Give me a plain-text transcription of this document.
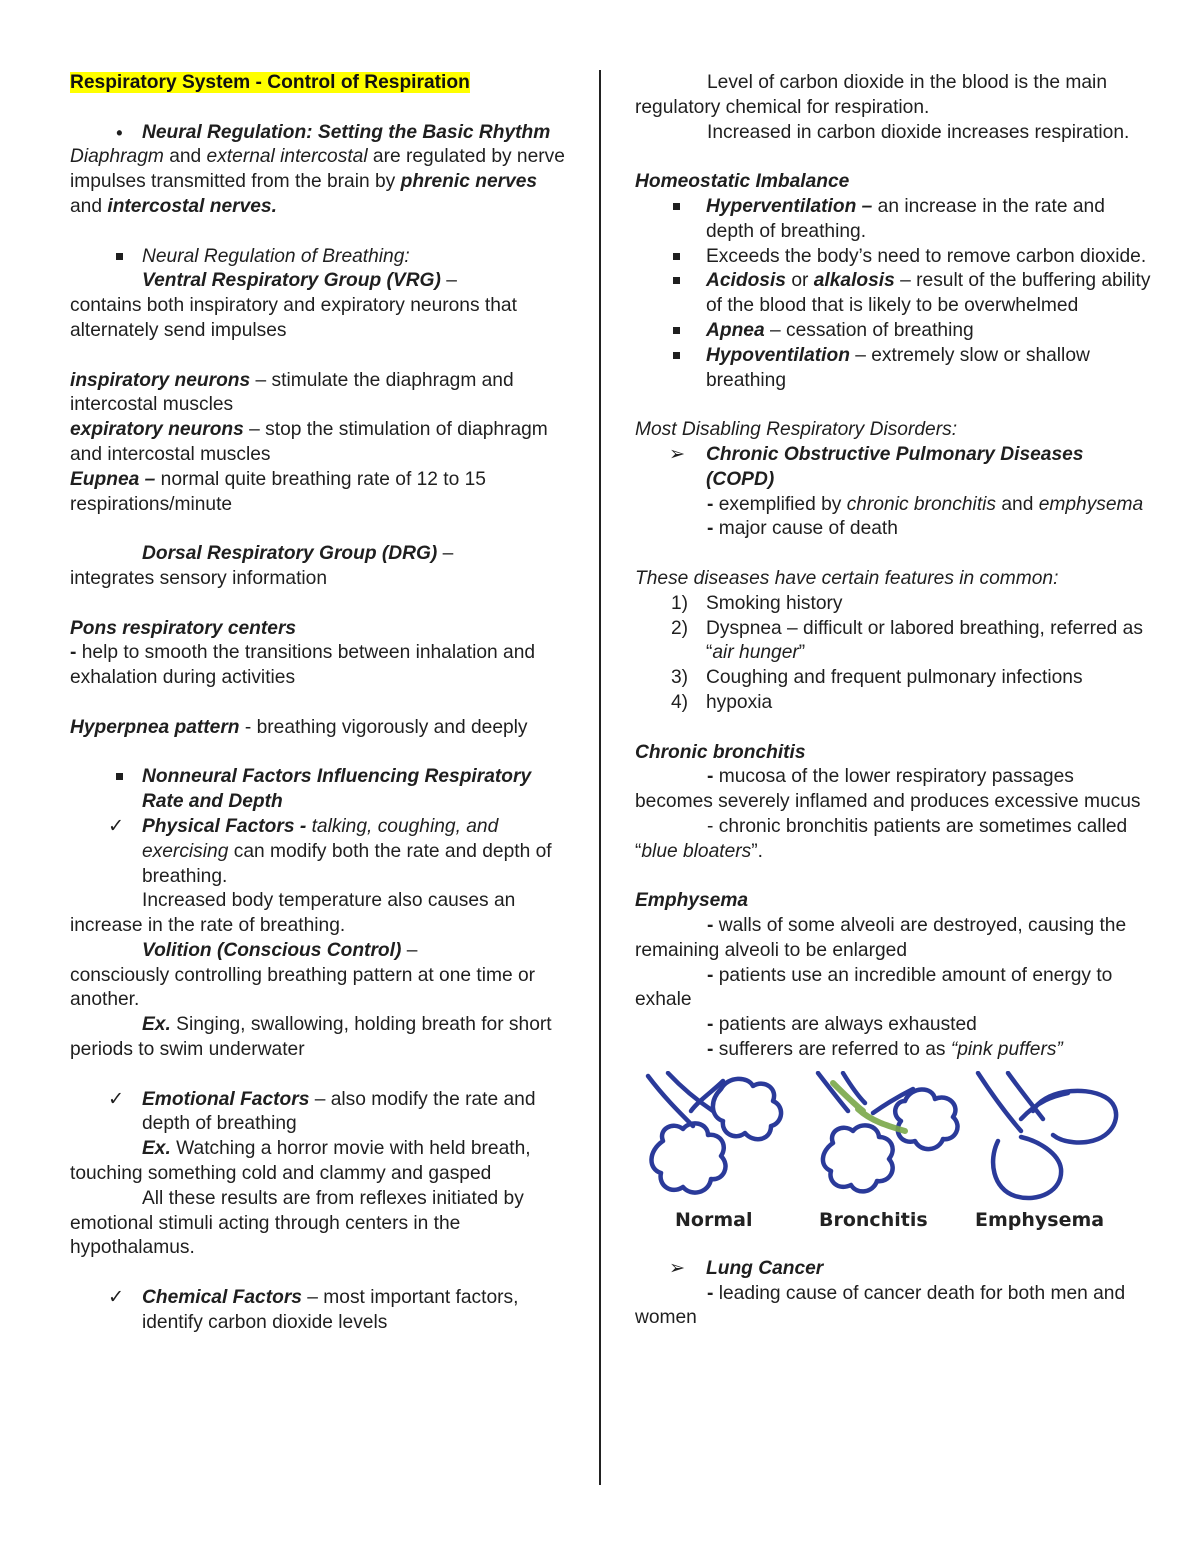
Respiratory System - Control of Respiration

• Neural Regulation: Setting the Basic Rhythm

Diaphragm and external intercostal are regulated by nerve impulses transmitted from the brain by phrenic nerves and intercostal nerves.

Neural Regulation of Breathing:

Ventral Respiratory Group (VRG) –

contains both inspiratory and expiratory neurons that alternately send impulses

inspiratory neurons – stimulate the diaphragm and intercostal muscles

expiratory neurons – stop the stimulation of diaphragm and intercostal muscles

Eupnea – normal quite breathing rate of 12 to 15 respirations/minute

Dorsal Respiratory Group (DRG) –

integrates sensory information

Pons respiratory centers

- help to smooth the transitions between inhalation and exhalation during activities

Hyperpnea pattern - breathing vigorously and deeply

Nonneural Factors Influencing Respiratory Rate and Depth

✓ Physical Factors - talking, coughing, and exercising can modify both the rate and depth of breathing.

Increased body temperature also causes an increase in the rate of breathing.

Volition (Conscious Control) –

consciously controlling breathing pattern at one time or another.

Ex. Singing, swallowing, holding breath for short periods to swim underwater

✓ Emotional Factors – also modify the rate and depth of breathing

Ex. Watching a horror movie with held breath, touching something cold and clammy and gasped

All these results are from reflexes initiated by emotional stimuli acting through centers in the hypothalamus.

✓ Chemical Factors – most important factors, identify carbon dioxide levels

Level of carbon dioxide in the blood is the main regulatory chemical for respiration.

Increased in carbon dioxide increases respiration.

Homeostatic Imbalance

Hyperventilation – an increase in the rate and depth of breathing.

Exceeds the body’s need to remove carbon dioxide.

Acidosis or alkalosis – result of the buffering ability of the blood that is likely to be overwhelmed

Apnea – cessation of breathing

Hypoventilation – extremely slow or shallow breathing

Most Disabling Respiratory Disorders:

➢	Chronic Obstructive Pulmonary Diseases (COPD)

- exemplified by chronic bronchitis and emphysema

- major cause of death

These diseases have certain features in common:

1) Smoking history

2) Dyspnea – difficult or labored breathing, referred as “air hunger”

3) Coughing and frequent pulmonary infections

4) hypoxia

Chronic bronchitis

- mucosa of the lower respiratory passages becomes severely inflamed and produces excessive mucus

- chronic bronchitis patients are sometimes called “blue bloaters”.

Emphysema

- walls of some alveoli are destroyed, causing the remaining alveoli to be enlarged

- patients use an incredible amount of energy to exhale

- patients are always exhausted

- sufferers are referred to as “pink puffers”

Normal	Bronchitis Emphysema

➢	Lung Cancer

- leading cause of cancer death for both men and women
